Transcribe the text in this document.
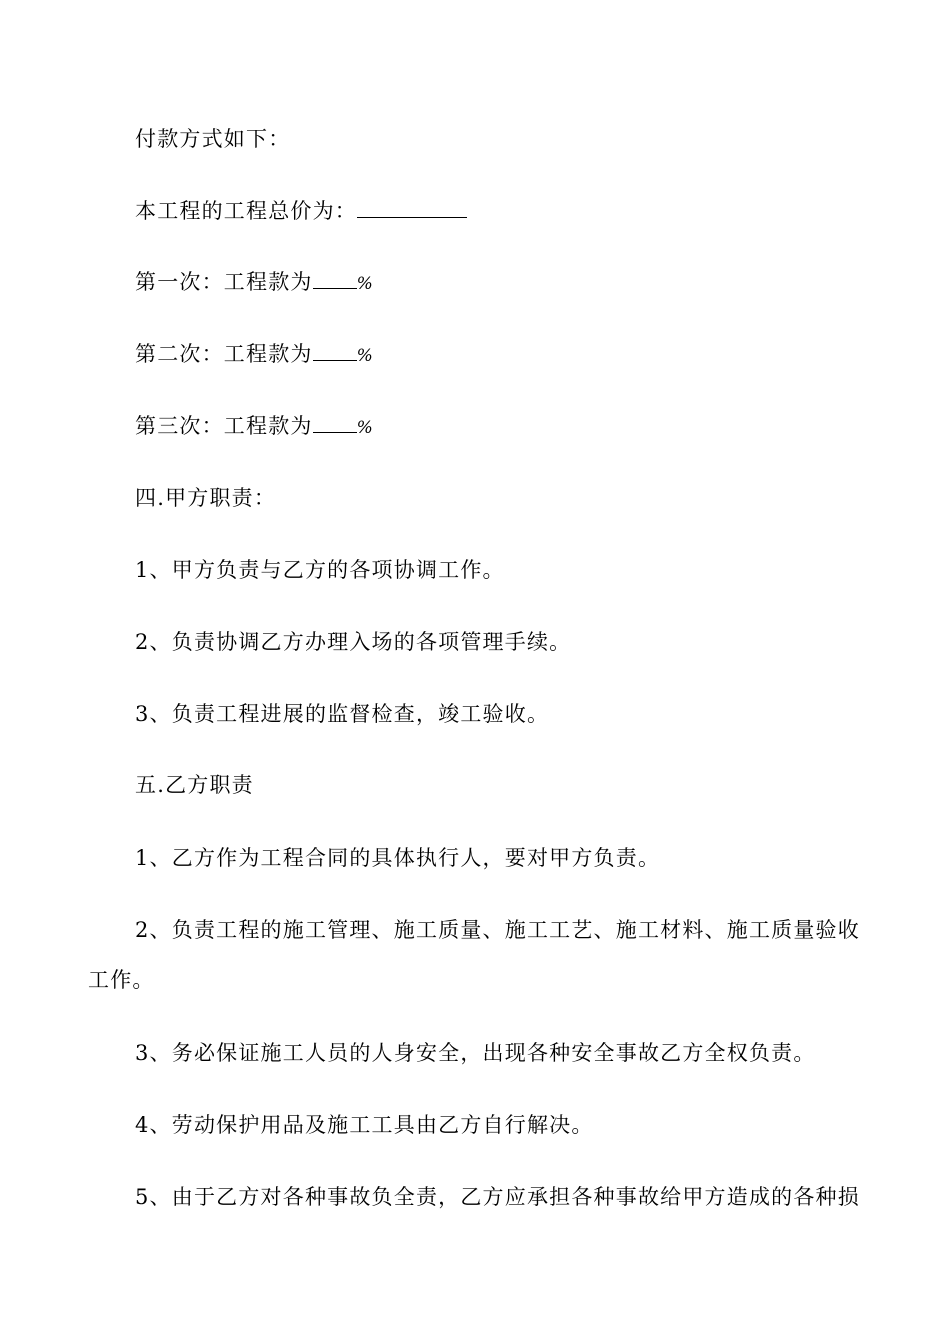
付款方式如下：
本工程的工程总价为：
第一次：工程款为	%
第二次：工程款为	%
第三次：工程款为	%
四.甲方职责：
1、甲方负责与乙方的各项协调工作。
2、负责协调乙方办理入场的各项管理手续。
3、负责工程进展的监督检查，竣工验收。
五.乙方职责
1、乙方作为工程合同的具体执行人，要对甲方负责。
2、负责工程的施工管理、施工质量、施工工艺、施工材料、施工质量验收
工作。
3、务必保证施工人员的人身安全，出现各种安全事故乙方全权负责。
4、劳动保护用品及施工工具由乙方自行解决。
5、由于乙方对各种事故负全责，乙方应承担各种事故给甲方造成的各种损
